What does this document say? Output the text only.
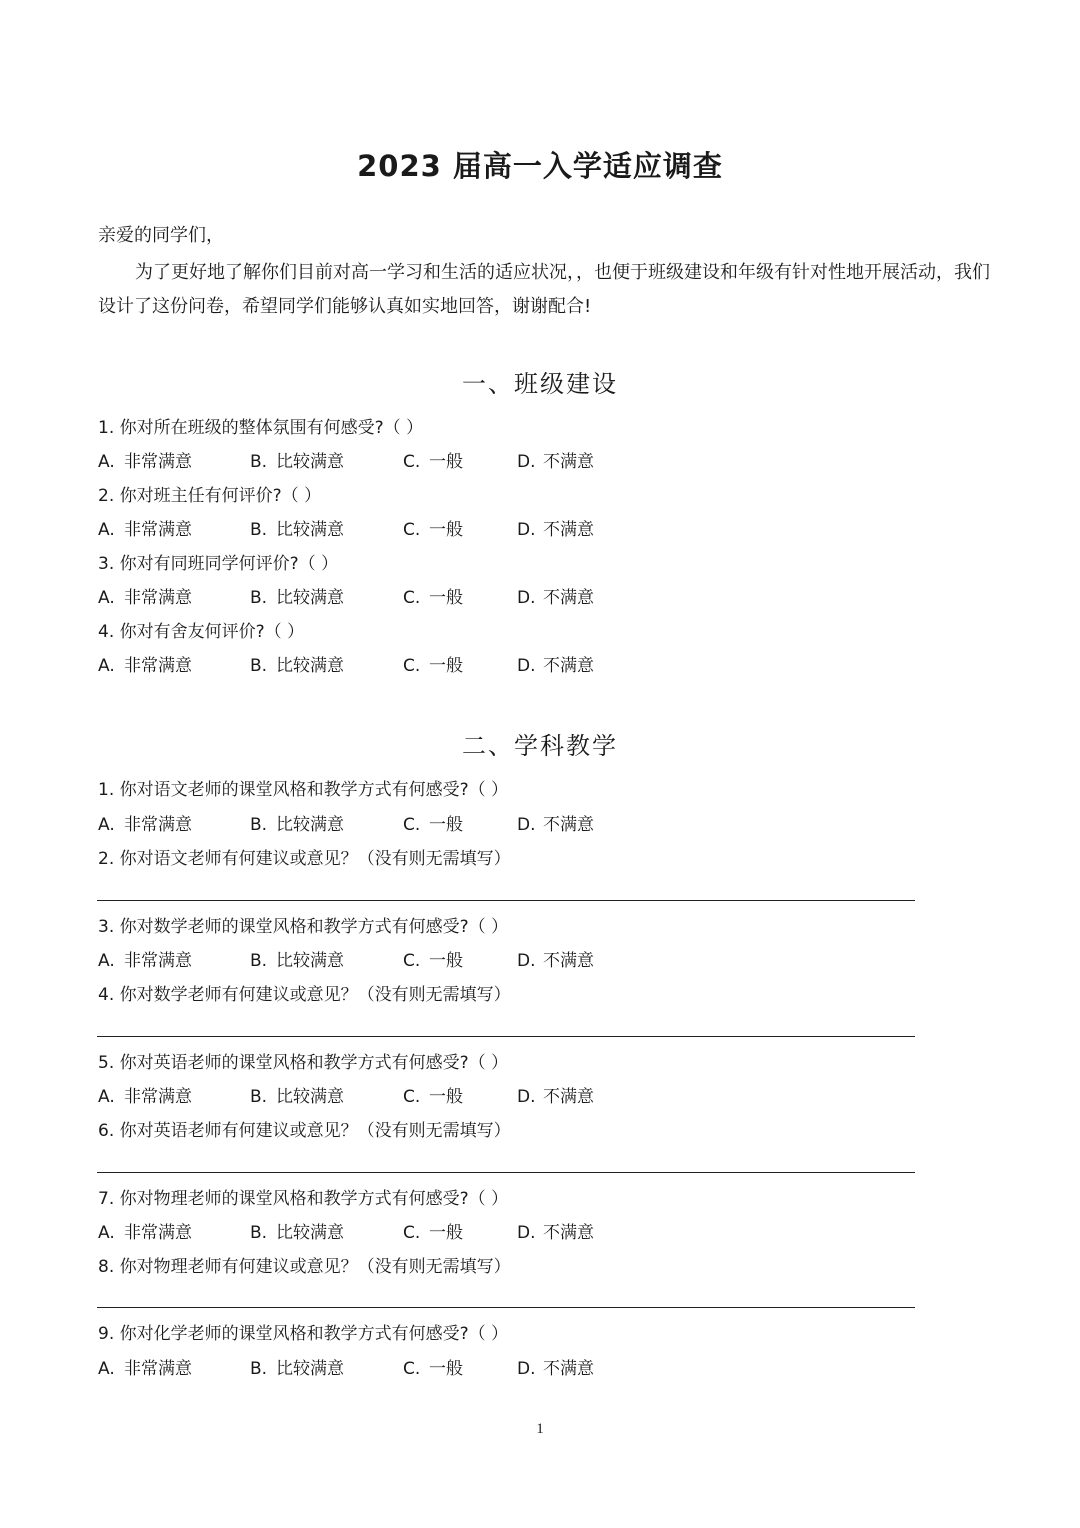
2023 届高一入学适应调查
亲爱的同学们，
为了更好地了解你们目前对高一学习和生活的适应状况，，也便于班级建设和年级有针对性地开展活动，我们设计了这份问卷，希望同学们能够认真如实地回答，谢谢配合!
一、班级建设
1. 你对所在班级的整体氛围有何感受?（ ）
A. 非常满意	B. 比较满意	C. 一般	D. 不满意
2. 你对班主任有何评价?（ ）
A. 非常满意	B. 比较满意	C. 一般	D. 不满意
3. 你对有同班同学何评价?（ ）
A. 非常满意	B. 比较满意	C. 一般	D. 不满意
4. 你对有舍友何评价?（ ）
A. 非常满意	B. 比较满意	C. 一般	D. 不满意
二、学科教学
1. 你对语文老师的课堂风格和教学方式有何感受?（ ）
A. 非常满意	B. 比较满意	C. 一般	D. 不满意
2. 你对语文老师有何建议或意见？（没有则无需填写）
3. 你对数学老师的课堂风格和教学方式有何感受?（ ）
A. 非常满意	B. 比较满意	C. 一般	D. 不满意
4. 你对数学老师有何建议或意见？（没有则无需填写）
5. 你对英语老师的课堂风格和教学方式有何感受?（ ）
A. 非常满意	B. 比较满意	C. 一般	D. 不满意
6. 你对英语老师有何建议或意见？（没有则无需填写）
7. 你对物理老师的课堂风格和教学方式有何感受?（ ）
A. 非常满意	B. 比较满意	C. 一般	D. 不满意
8. 你对物理老师有何建议或意见？（没有则无需填写）
9. 你对化学老师的课堂风格和教学方式有何感受?（ ）
A. 非常满意	B. 比较满意	C. 一般	D. 不满意
1
